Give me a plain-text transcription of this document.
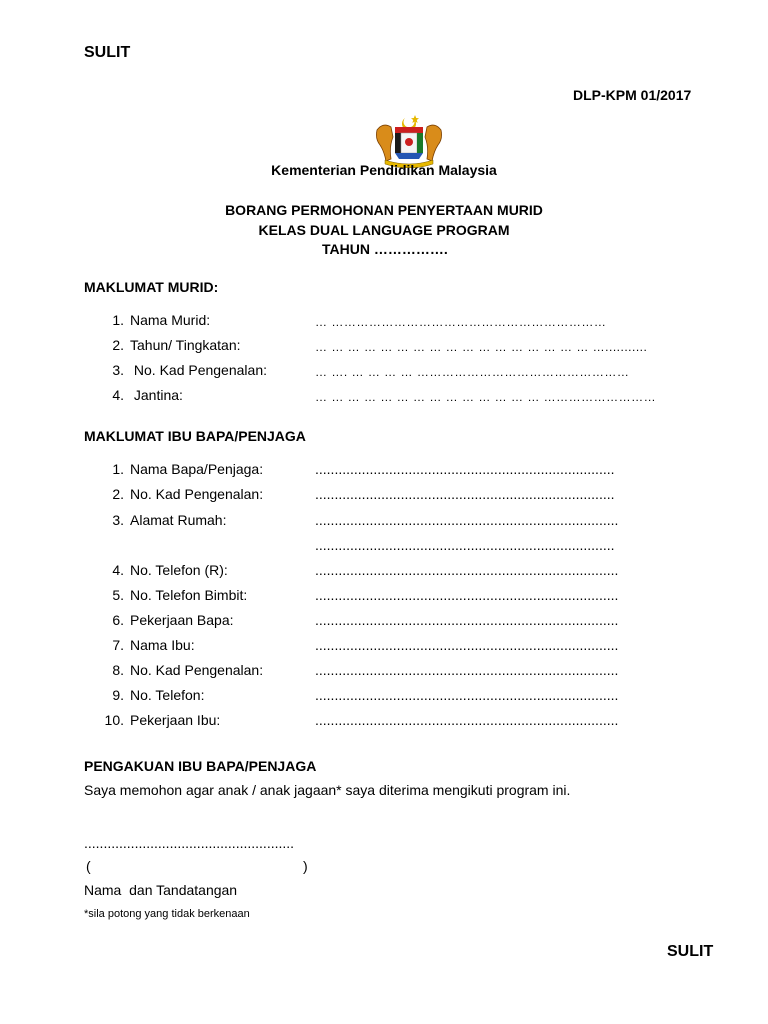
SULIT
DLP-KPM 01/2017
Kementerian Pendidikan Malaysia
BORANG PERMOHONAN PENYERTAAN MURID
KELAS DUAL LANGUAGE PROGRAM
TAHUN …………….
MAKLUMAT MURID:
1. Nama Murid:	… …………………………………………………………
2. Tahun/ Tingkatan:	… … … … … … … … … … … … … … … … … …...........
3. No. Kad Pengenalan:	… …. … … … … ……………………………………………
4. Jantina:	… … … … … … … … … … … … … … ………………………
MAKLUMAT IBU BAPA/PENJAGA
1. Nama Bapa/Penjaga:	.............................................................................
2. No. Kad Pengenalan:	.............................................................................
3. Alamat Rumah:	..............................................................................
.............................................................................
4. No. Telefon (R):	..............................................................................
5. No. Telefon Bimbit:	..............................................................................
6. Pekerjaan Bapa:	..............................................................................
7. Nama Ibu:	..............................................................................
8. No. Kad Pengenalan:	..............................................................................
9. No. Telefon:	..............................................................................
10. Pekerjaan Ibu:	..............................................................................
PENGAKUAN IBU BAPA/PENJAGA
Saya memohon agar anak / anak jagaan* saya diterima mengikuti program ini.
......................................................
(	)
Nama  dan Tandatangan
*sila potong yang tidak berkenaan
SULIT
